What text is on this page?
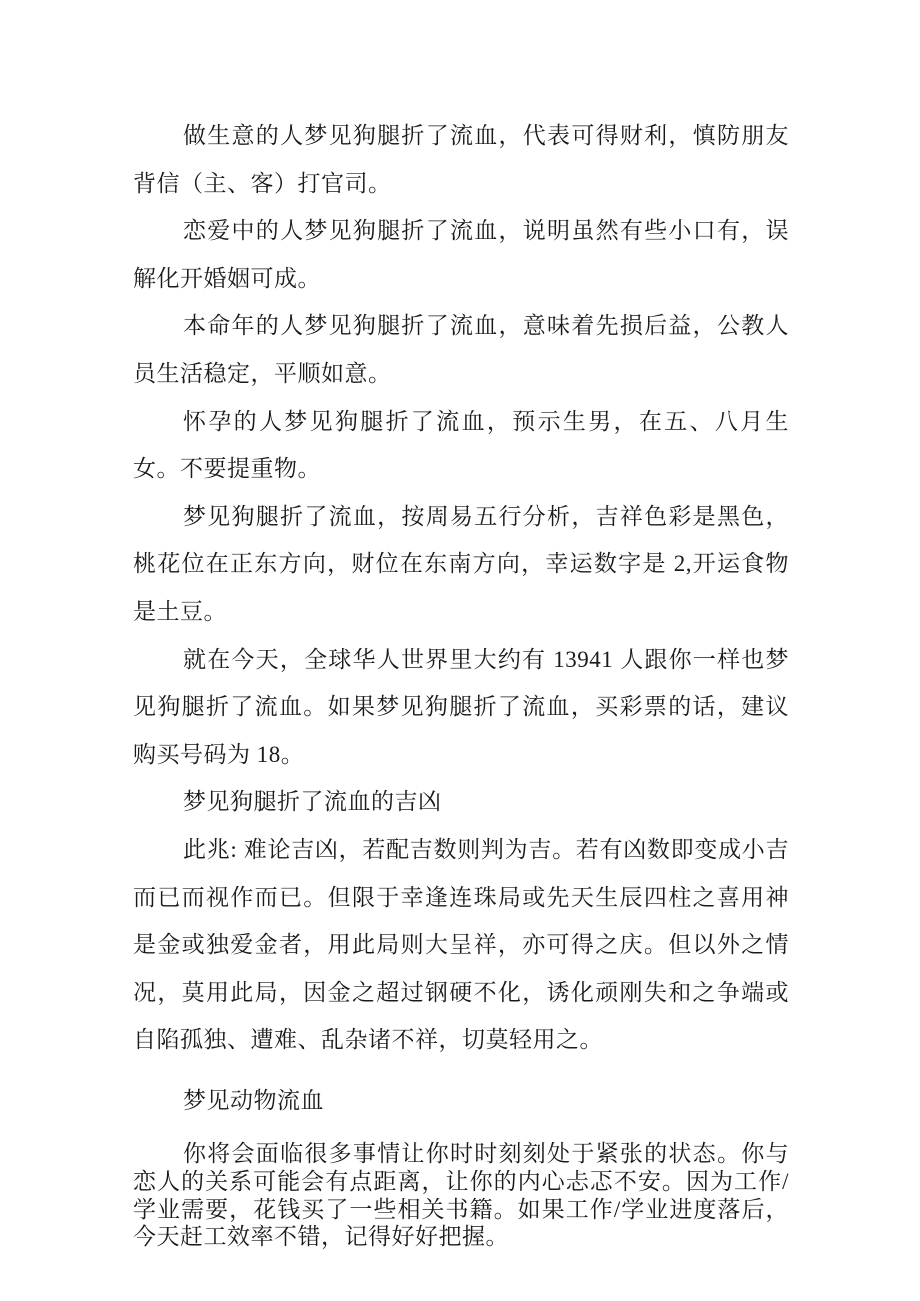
做生意的人梦见狗腿折了流血，代表可得财利，慎防朋友背信（主、客）打官司。

恋爱中的人梦见狗腿折了流血，说明虽然有些小口有，误解化开婚姻可成。

本命年的人梦见狗腿折了流血，意味着先损后益，公教人员生活稳定，平顺如意。

怀孕的人梦见狗腿折了流血，预示生男，在五、八月生女。不要提重物。

梦见狗腿折了流血，按周易五行分析，吉祥色彩是黑色，桃花位在正东方向，财位在东南方向，幸运数字是 2,开运食物是土豆。

就在今天，全球华人世界里大约有 13941 人跟你一样也梦见狗腿折了流血。如果梦见狗腿折了流血，买彩票的话，建议购买号码为 18。

梦见狗腿折了流血的吉凶

此兆: 难论吉凶，若配吉数则判为吉。若有凶数即变成小吉而已而视作而已。但限于幸逢连珠局或先天生辰四柱之喜用神是金或独爱金者，用此局则大呈祥，亦可得之庆。但以外之情况，莫用此局，因金之超过钢硬不化，诱化顽刚失和之争端或自陷孤独、遭难、乱杂诸不祥，切莫轻用之。

梦见动物流血

你将会面临很多事情让你时时刻刻处于紧张的状态。你与恋人的关系可能会有点距离，让你的内心忐忑不安。因为工作/学业需要，花钱买了一些相关书籍。如果工作/学业进度落后，今天赶工效率不错，记得好好把握。
